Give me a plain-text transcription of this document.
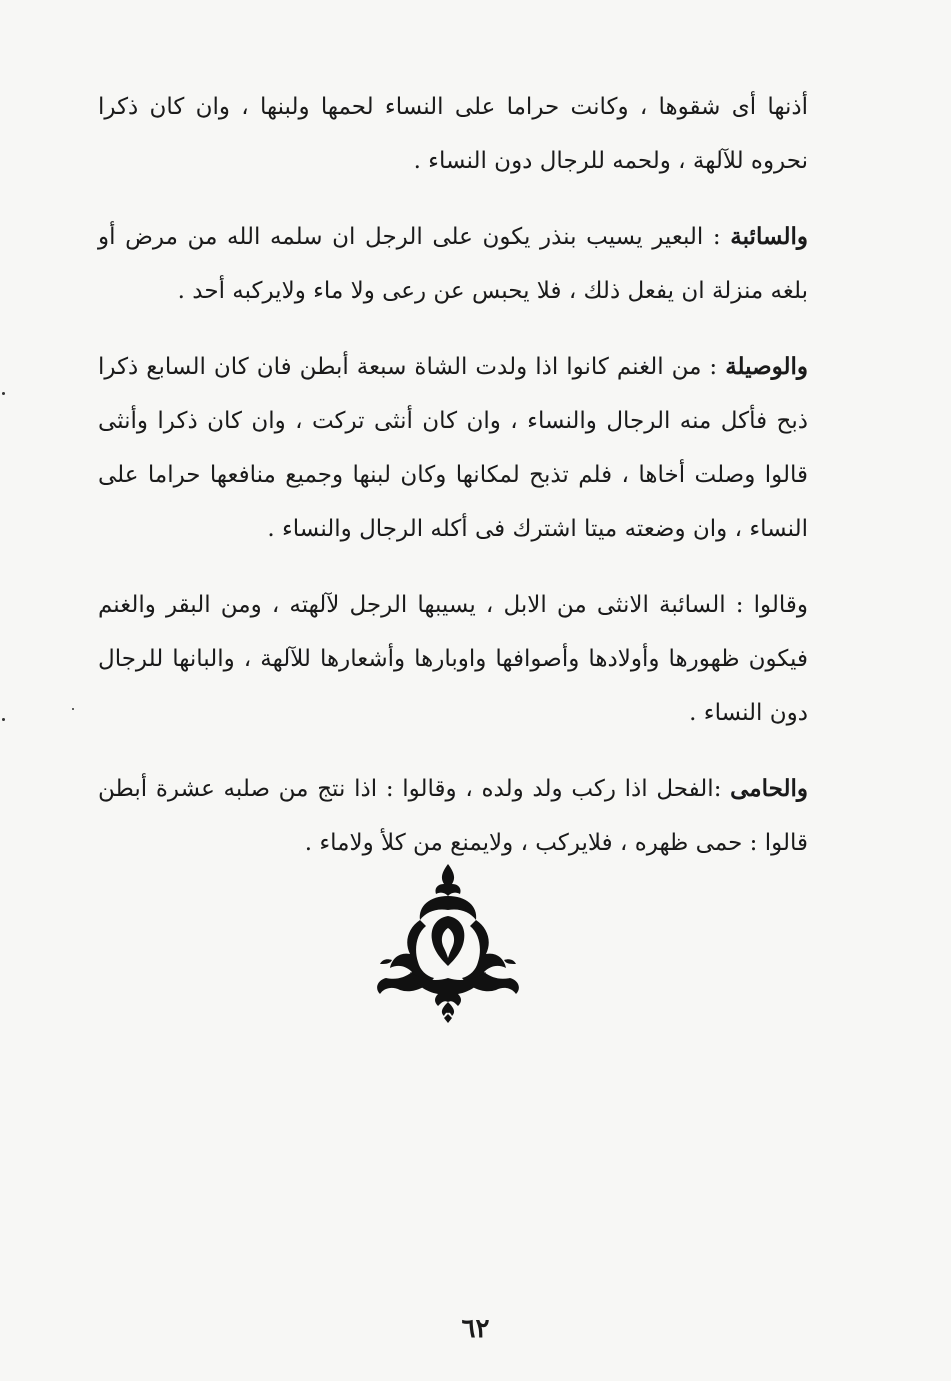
أذنها أى شقوها ، وكانت حراما على النساء لحمها ولبنها ، وان كان ذكرا نحروه للآلهة ، ولحمه للرجال دون النساء .

والسائبة : البعير يسيب بنذر يكون على الرجل ان سلمه الله من مرض أو بلغه منزلة ان يفعل ذلك ، فلا يحبس عن رعى ولا ماء ولايركبه أحد .

والوصيلة : من الغنم كانوا اذا ولدت الشاة سبعة أبطن فان كان السابع ذكرا ذبح فأكل منه الرجال والنساء ، وان كان أنثى تركت ، وان كان ذكرا وأنثى قالوا وصلت أخاها ، فلم تذبح لمكانها وكان لبنها وجميع منافعها حراما على النساء ، وان وضعته ميتا اشترك فى أكله الرجال والنساء .

وقالوا : السائبة الانثى من الابل ، يسيبها الرجل لآلهته ، ومن البقر والغنم فيكون ظهورها وأولادها وأصوافها واوبارها وأشعارها للآلهة ، والبانها للرجال دون النساء .

والحامى :الفحل اذا ركب ولد ولده ، وقالوا : اذا نتج من صلبه عشرة أبطن قالوا : حمى ظهره ، فلايركب ، ولايمنع من كلأ ولاماء .

٦٢
